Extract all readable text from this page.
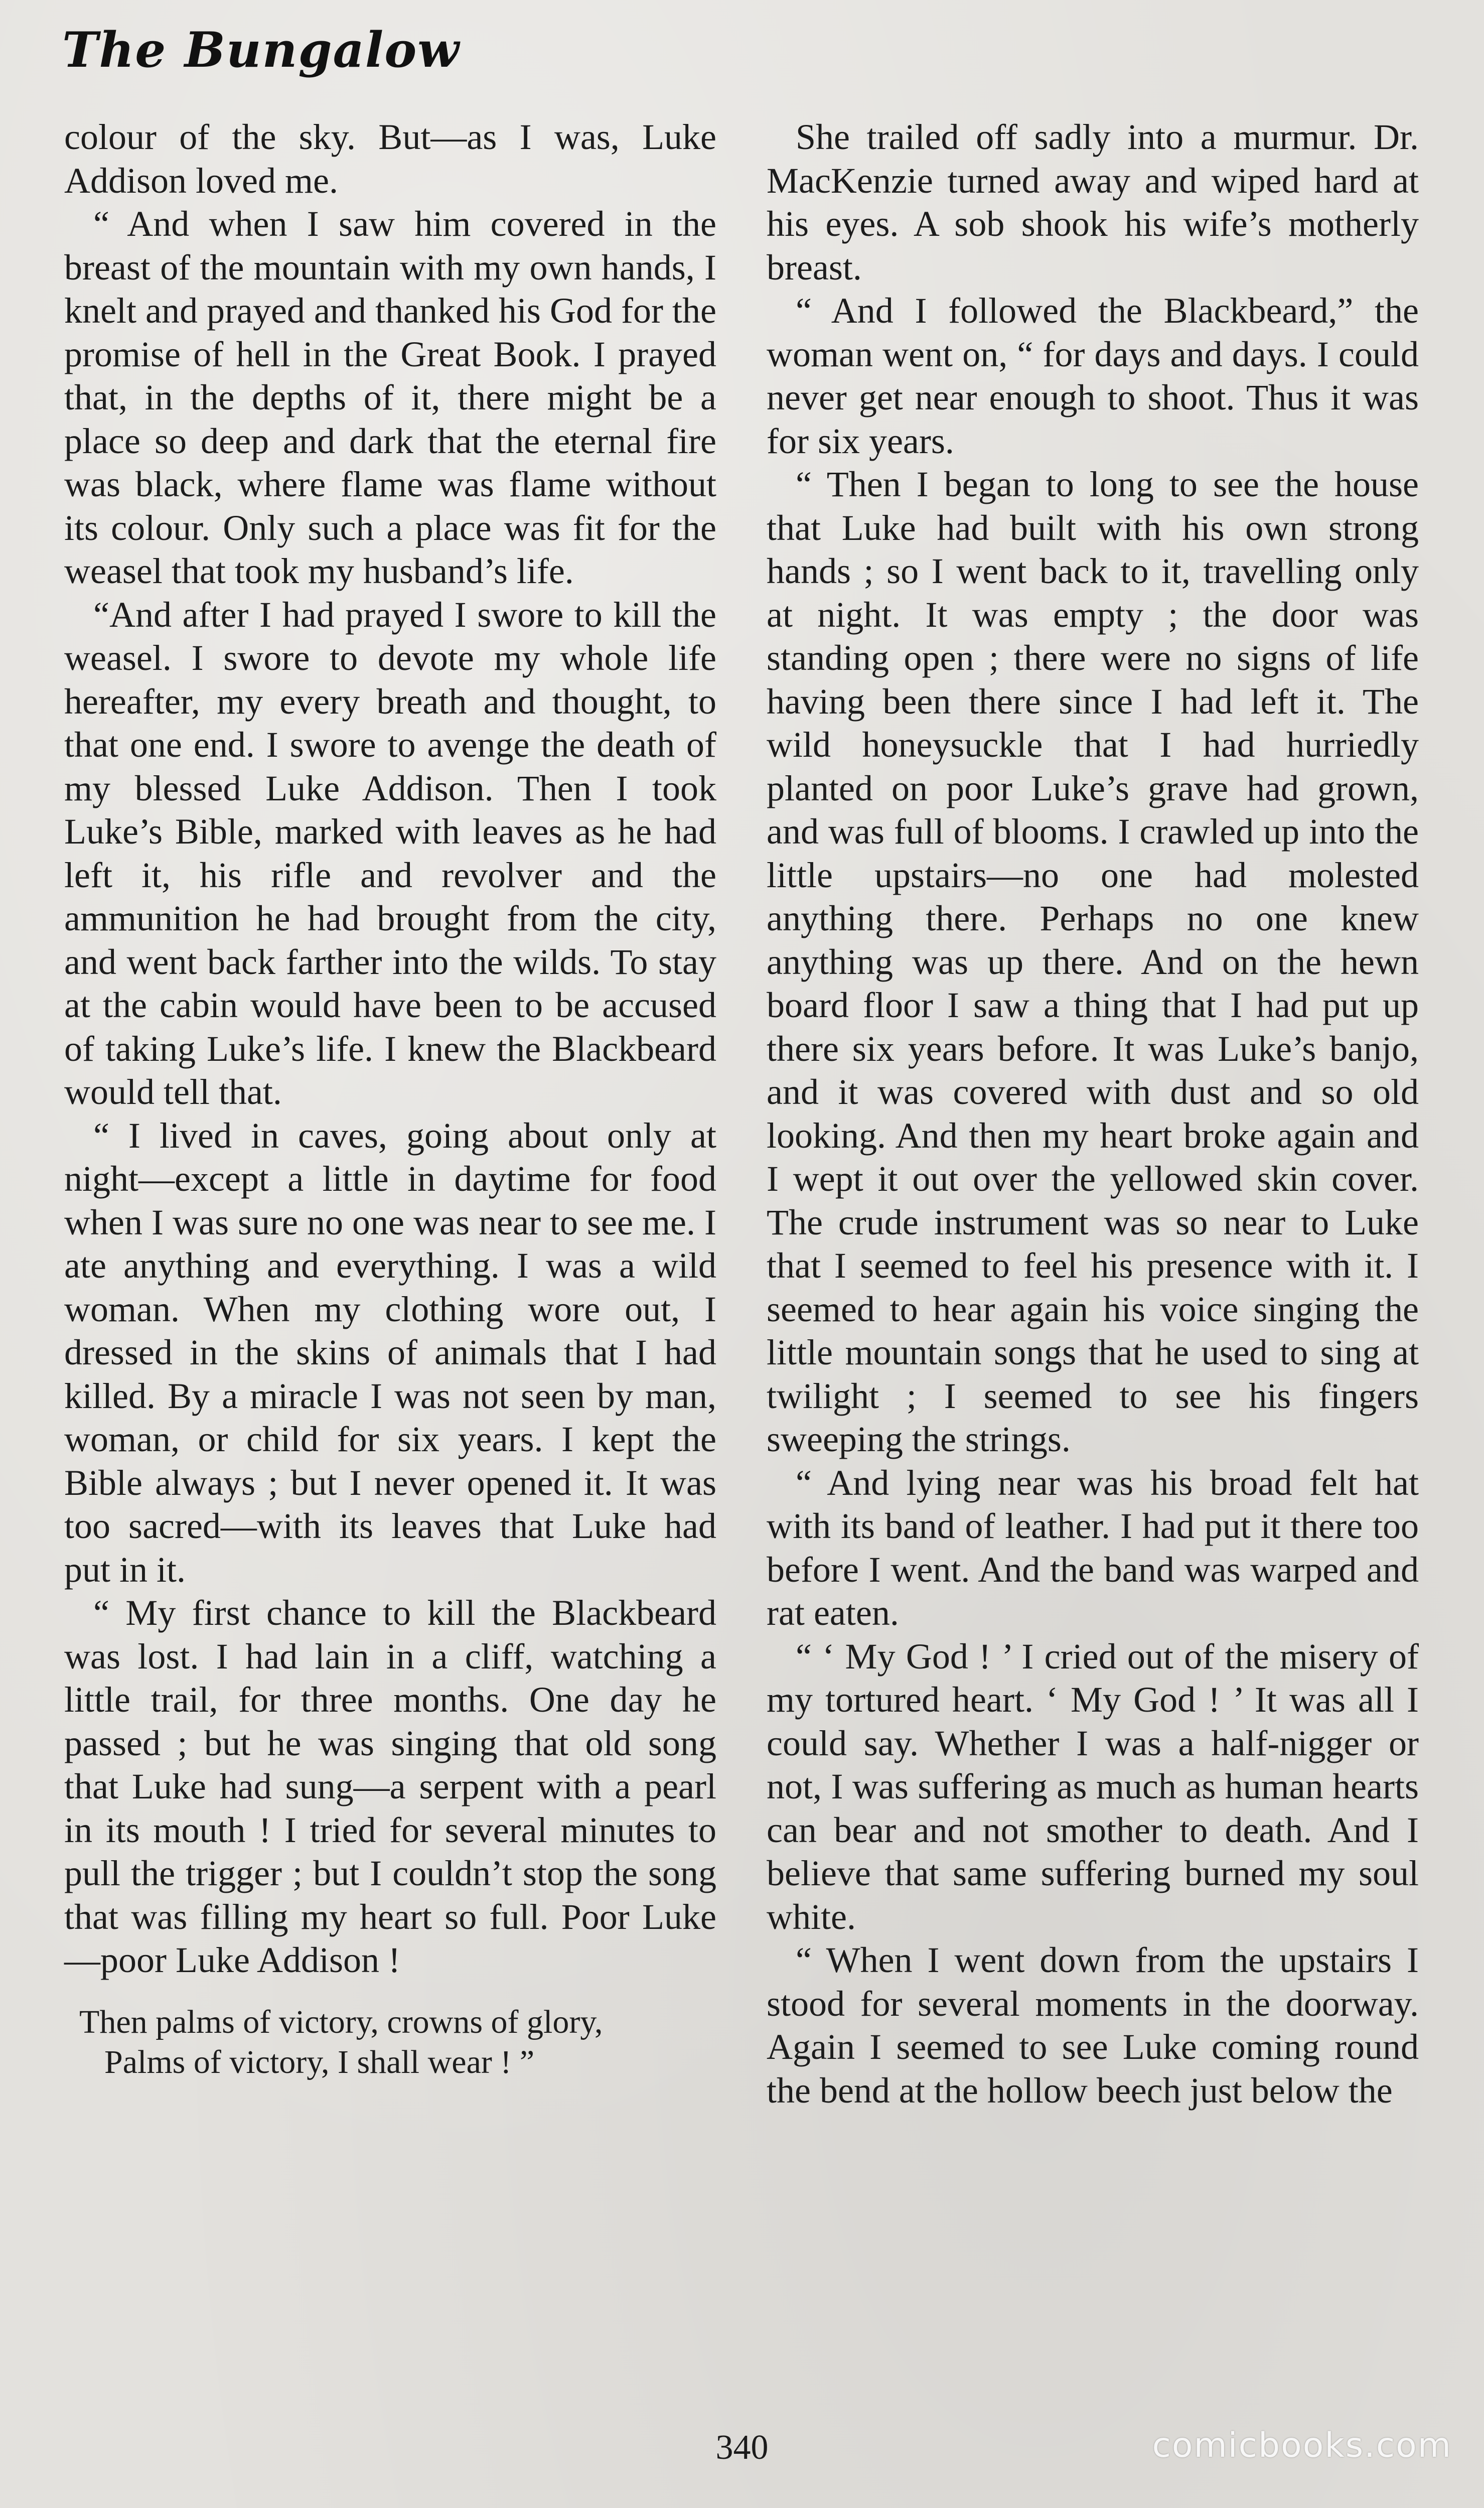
The Bungalow

colour of the sky. But—as I was, Luke Addison loved me.

“ And when I saw him covered in the breast of the mountain with my own hands, I knelt and prayed and thanked his God for the promise of hell in the Great Book. I prayed that, in the depths of it, there might be a place so deep and dark that the eternal fire was black, where flame was flame without its colour. Only such a place was fit for the weasel that took my husband’s life.

“And after I had prayed I swore to kill the weasel. I swore to devote my whole life hereafter, my every breath and thought, to that one end. I swore to avenge the death of my blessed Luke Addison. Then I took Luke’s Bible, marked with leaves as he had left it, his rifle and revolver and the ammunition he had brought from the city, and went back farther into the wilds. To stay at the cabin would have been to be accused of taking Luke’s life. I knew the Blackbeard would tell that.

“ I lived in caves, going about only at night—except a little in daytime for food when I was sure no one was near to see me. I ate anything and everything. I was a wild woman. When my clothing wore out, I dressed in the skins of animals that I had killed. By a miracle I was not seen by man, woman, or child for six years. I kept the Bible always ; but I never opened it. It was too sacred—with its leaves that Luke had put in it.

“ My first chance to kill the Blackbeard was lost. I had lain in a cliff, watching a little trail, for three months. One day he passed ; but he was singing that old song that Luke had sung—a serpent with a pearl in its mouth ! I tried for several minutes to pull the trigger ; but I couldn’t stop the song that was filling my heart so full. Poor Luke—poor Luke Addison !

Then palms of victory, crowns of glory,
Palms of victory, I shall wear ! ”

She trailed off sadly into a murmur. Dr. MacKenzie turned away and wiped hard at his eyes. A sob shook his wife’s motherly breast.

“ And I followed the Blackbeard,” the woman went on, “ for days and days. I could never get near enough to shoot. Thus it was for six years.

“ Then I began to long to see the house that Luke had built with his own strong hands ; so I went back to it, travelling only at night. It was empty ; the door was standing open ; there were no signs of life having been there since I had left it. The wild honeysuckle that I had hurriedly planted on poor Luke’s grave had grown, and was full of blooms. I crawled up into the little upstairs—no one had molested anything there. Perhaps no one knew anything was up there. And on the hewn board floor I saw a thing that I had put up there six years before. It was Luke’s banjo, and it was covered with dust and so old looking. And then my heart broke again and I wept it out over the yellowed skin cover. The crude instrument was so near to Luke that I seemed to feel his presence with it. I seemed to hear again his voice singing the little mountain songs that he used to sing at twilight ; I seemed to see his fingers sweeping the strings.

“ And lying near was his broad felt hat with its band of leather. I had put it there too before I went. And the band was warped and rat eaten.

“ ‘ My God ! ’ I cried out of the misery of my tortured heart. ‘ My God ! ’ It was all I could say. Whether I was a half-nigger or not, I was suffering as much as human hearts can bear and not smother to death. And I believe that same suffering burned my soul white.

“ When I went down from the upstairs I stood for several moments in the doorway. Again I seemed to see Luke coming round the bend at the hollow beech just below the

340	comicbooks.com
